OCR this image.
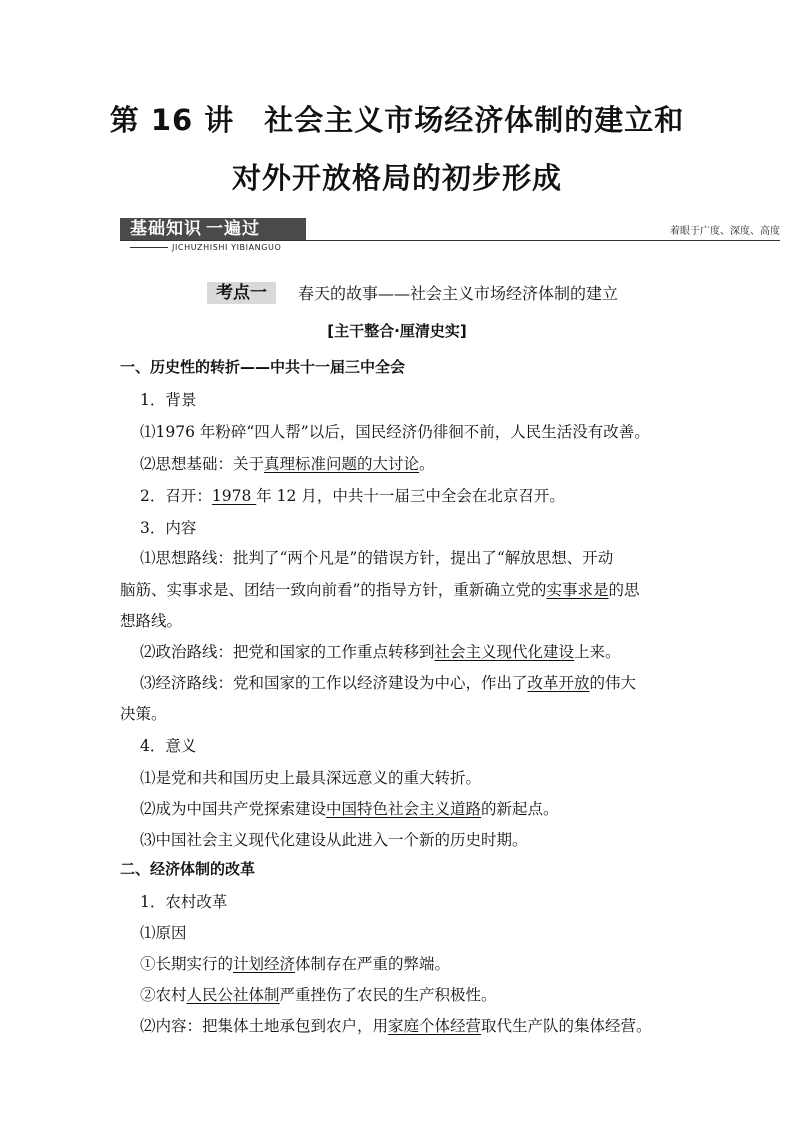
第 16 讲　社会主义市场经济体制的建立和
对外开放格局的初步形成
基础知识 一遍过
JICHUZHISHI YIBIANGUO
着眼于广度、深度、高度
考点一 春天的故事——社会主义市场经济体制的建立
[主干整合·厘清史实]
一、历史性的转折——中共十一届三中全会
1．背景
⑴1976 年粉碎“四人帮”以后，国民经济仍徘徊不前，人民生活没有改善。
⑵思想基础：关于真理标准问题的大讨论。
2．召开：1978 年 12 月，中共十一届三中全会在北京召开。
3．内容
⑴思想路线：批判了“两个凡是”的错误方针，提出了“解放思想、开动
脑筋、实事求是、团结一致向前看”的指导方针，重新确立党的实事求是的思
想路线。
⑵政治路线：把党和国家的工作重点转移到社会主义现代化建设上来。
⑶经济路线：党和国家的工作以经济建设为中心，作出了改革开放的伟大
决策。
4．意义
⑴是党和共和国历史上最具深远意义的重大转折。
⑵成为中国共产党探索建设中国特色社会主义道路的新起点。
⑶中国社会主义现代化建设从此进入一个新的历史时期。
二、经济体制的改革
1．农村改革
⑴原因
①长期实行的计划经济体制存在严重的弊端。
②农村人民公社体制严重挫伤了农民的生产积极性。
⑵内容：把集体土地承包到农户，用家庭个体经营取代生产队的集体经营。
